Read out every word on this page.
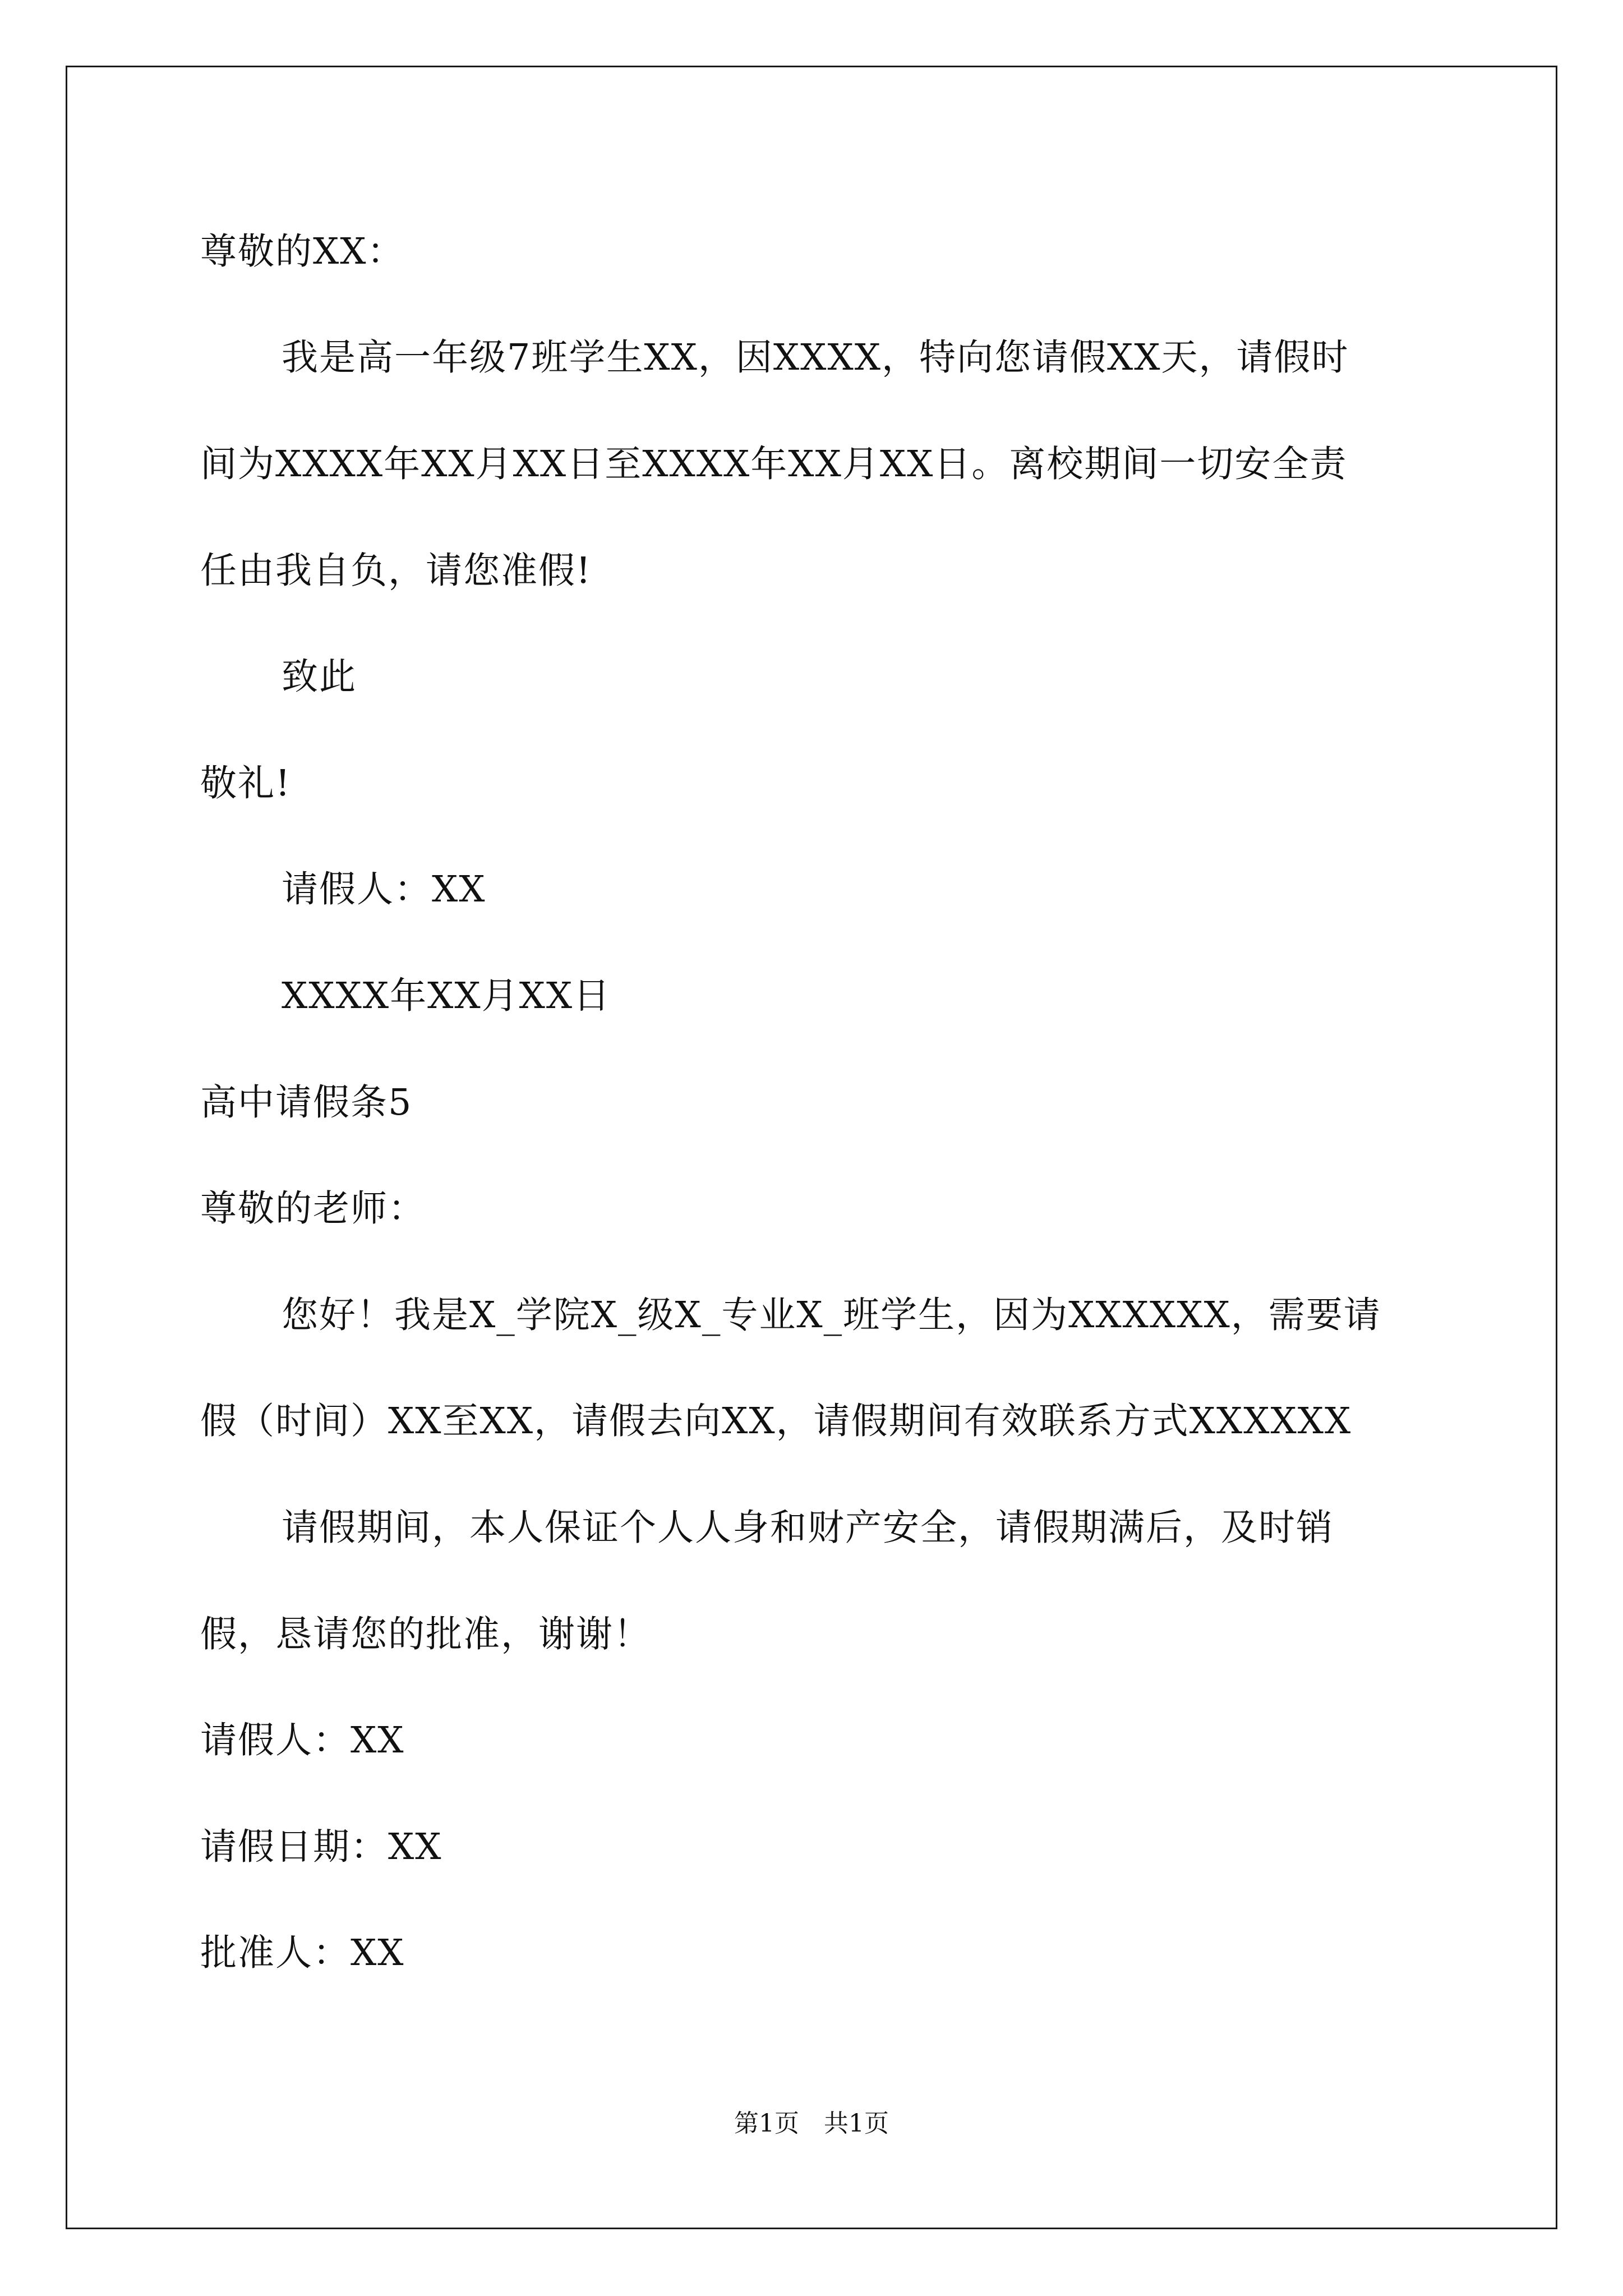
尊敬的XX：
我是高一年级7班学生XX，因XXXX，特向您请假XX天，请假时
间为XXXX年XX月XX日至XXXX年XX月XX日。离校期间一切安全责
任由我自负，请您准假!
致此
敬礼!
请假人：XX
XXXX年XX月XX日
高中请假条5
尊敬的老师：
您好！我是X_学院X_级X_专业X_班学生，因为XXXXXX，需要请
假（时间）XX至XX，请假去向XX，请假期间有效联系方式XXXXXX
请假期间，本人保证个人人身和财产安全，请假期满后，及时销
假，恳请您的批准，谢谢！
请假人：XX
请假日期：XX
批准人：XX
第1页　共1页
